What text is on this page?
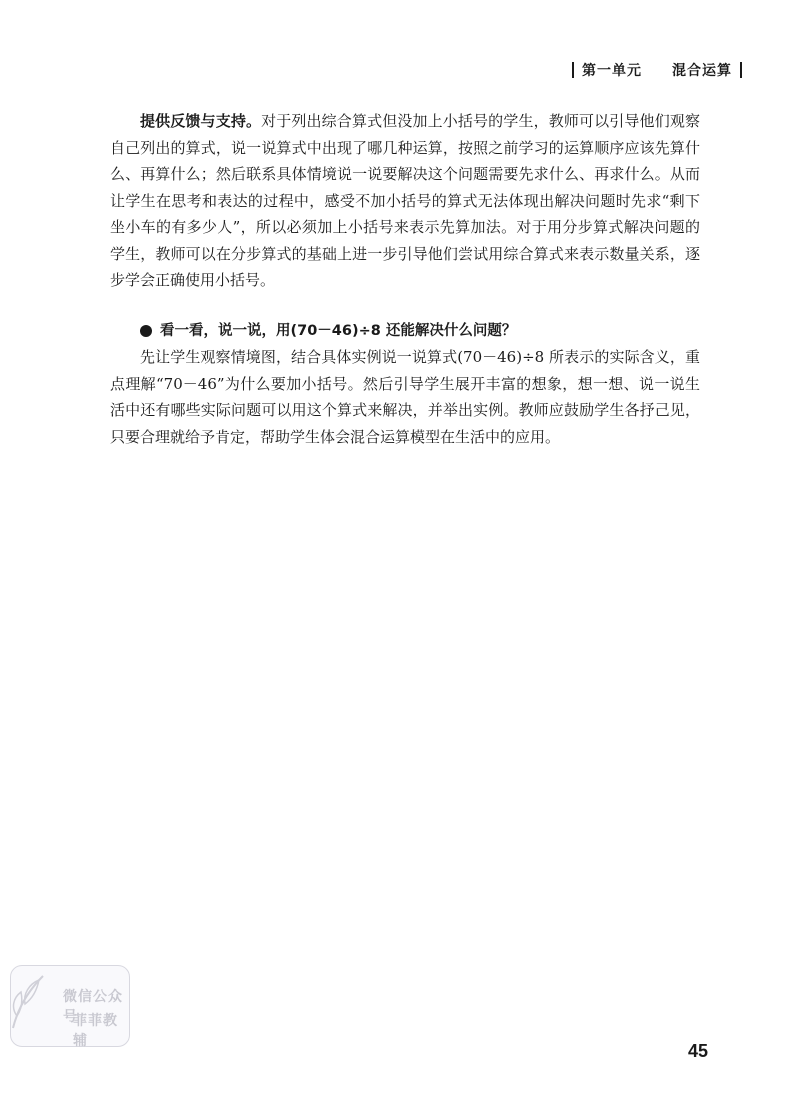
第一单元 混合运算

提供反馈与支持。对于列出综合算式但没加上小括号的学生，教师可以引导他们观察自己列出的算式，说一说算式中出现了哪几种运算，按照之前学习的运算顺序应该先算什么、再算什么；然后联系具体情境说一说要解决这个问题需要先求什么、再求什么。从而让学生在思考和表达的过程中，感受不加小括号的算式无法体现出解决问题时先求“剩下坐小车的有多少人”，所以必须加上小括号来表示先算加法。对于用分步算式解决问题的学生，教师可以在分步算式的基础上进一步引导他们尝试用综合算式来表示数量关系，逐步学会正确使用小括号。

看一看，说一说，用(70－46)÷8 还能解决什么问题？

先让学生观察情境图，结合具体实例说一说算式(70－46)÷8 所表示的实际含义，重点理解“70－46”为什么要加小括号。然后引导学生展开丰富的想象，想一想、说一说生活中还有哪些实际问题可以用这个算式来解决，并举出实例。教师应鼓励学生各抒己见，只要合理就给予肯定，帮助学生体会混合运算模型在生活中的应用。

微信公众号
菲菲教辅	45
